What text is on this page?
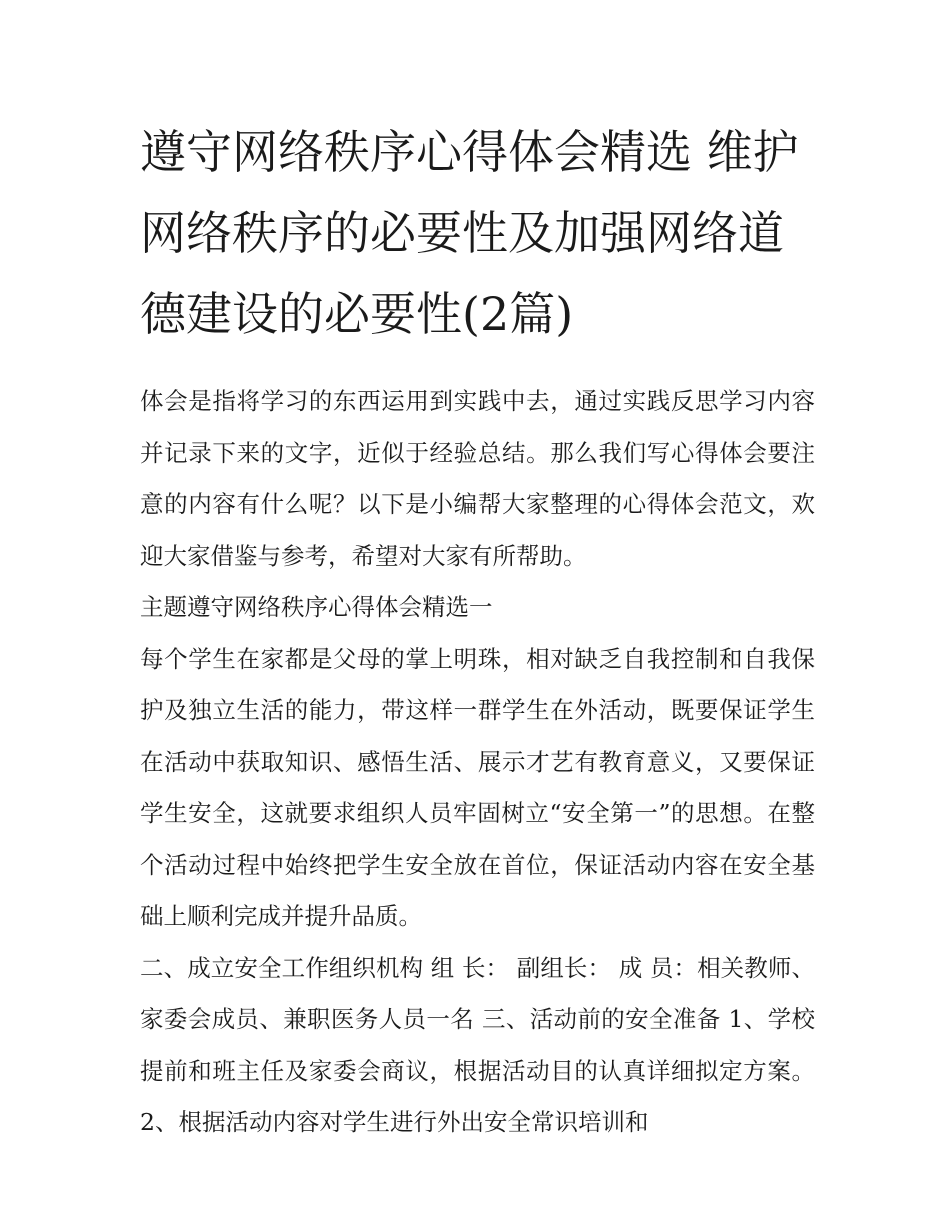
遵守网络秩序心得体会精选 维护网络秩序的必要性及加强网络道德建设的必要性(2篇)

体会是指将学习的东西运用到实践中去，通过实践反思学习内容并记录下来的文字，近似于经验总结。那么我们写心得体会要注意的内容有什么呢？以下是小编帮大家整理的心得体会范文，欢迎大家借鉴与参考，希望对大家有所帮助。

主题遵守网络秩序心得体会精选一

每个学生在家都是父母的掌上明珠，相对缺乏自我控制和自我保护及独立生活的能力，带这样一群学生在外活动，既要保证学生在活动中获取知识、感悟生活、展示才艺有教育意义，又要保证学生安全，这就要求组织人员牢固树立“安全第一”的思想。在整个活动过程中始终把学生安全放在首位，保证活动内容在安全基础上顺利完成并提升品质。

二、成立安全工作组织机构 组 长： 副组长： 成 员：相关教师、家委会成员、兼职医务人员一名 三、活动前的安全准备 1、学校提前和班主任及家委会商议，根据活动目的认真详细拟定方案。 2、根据活动内容对学生进行外出安全常识培训和
